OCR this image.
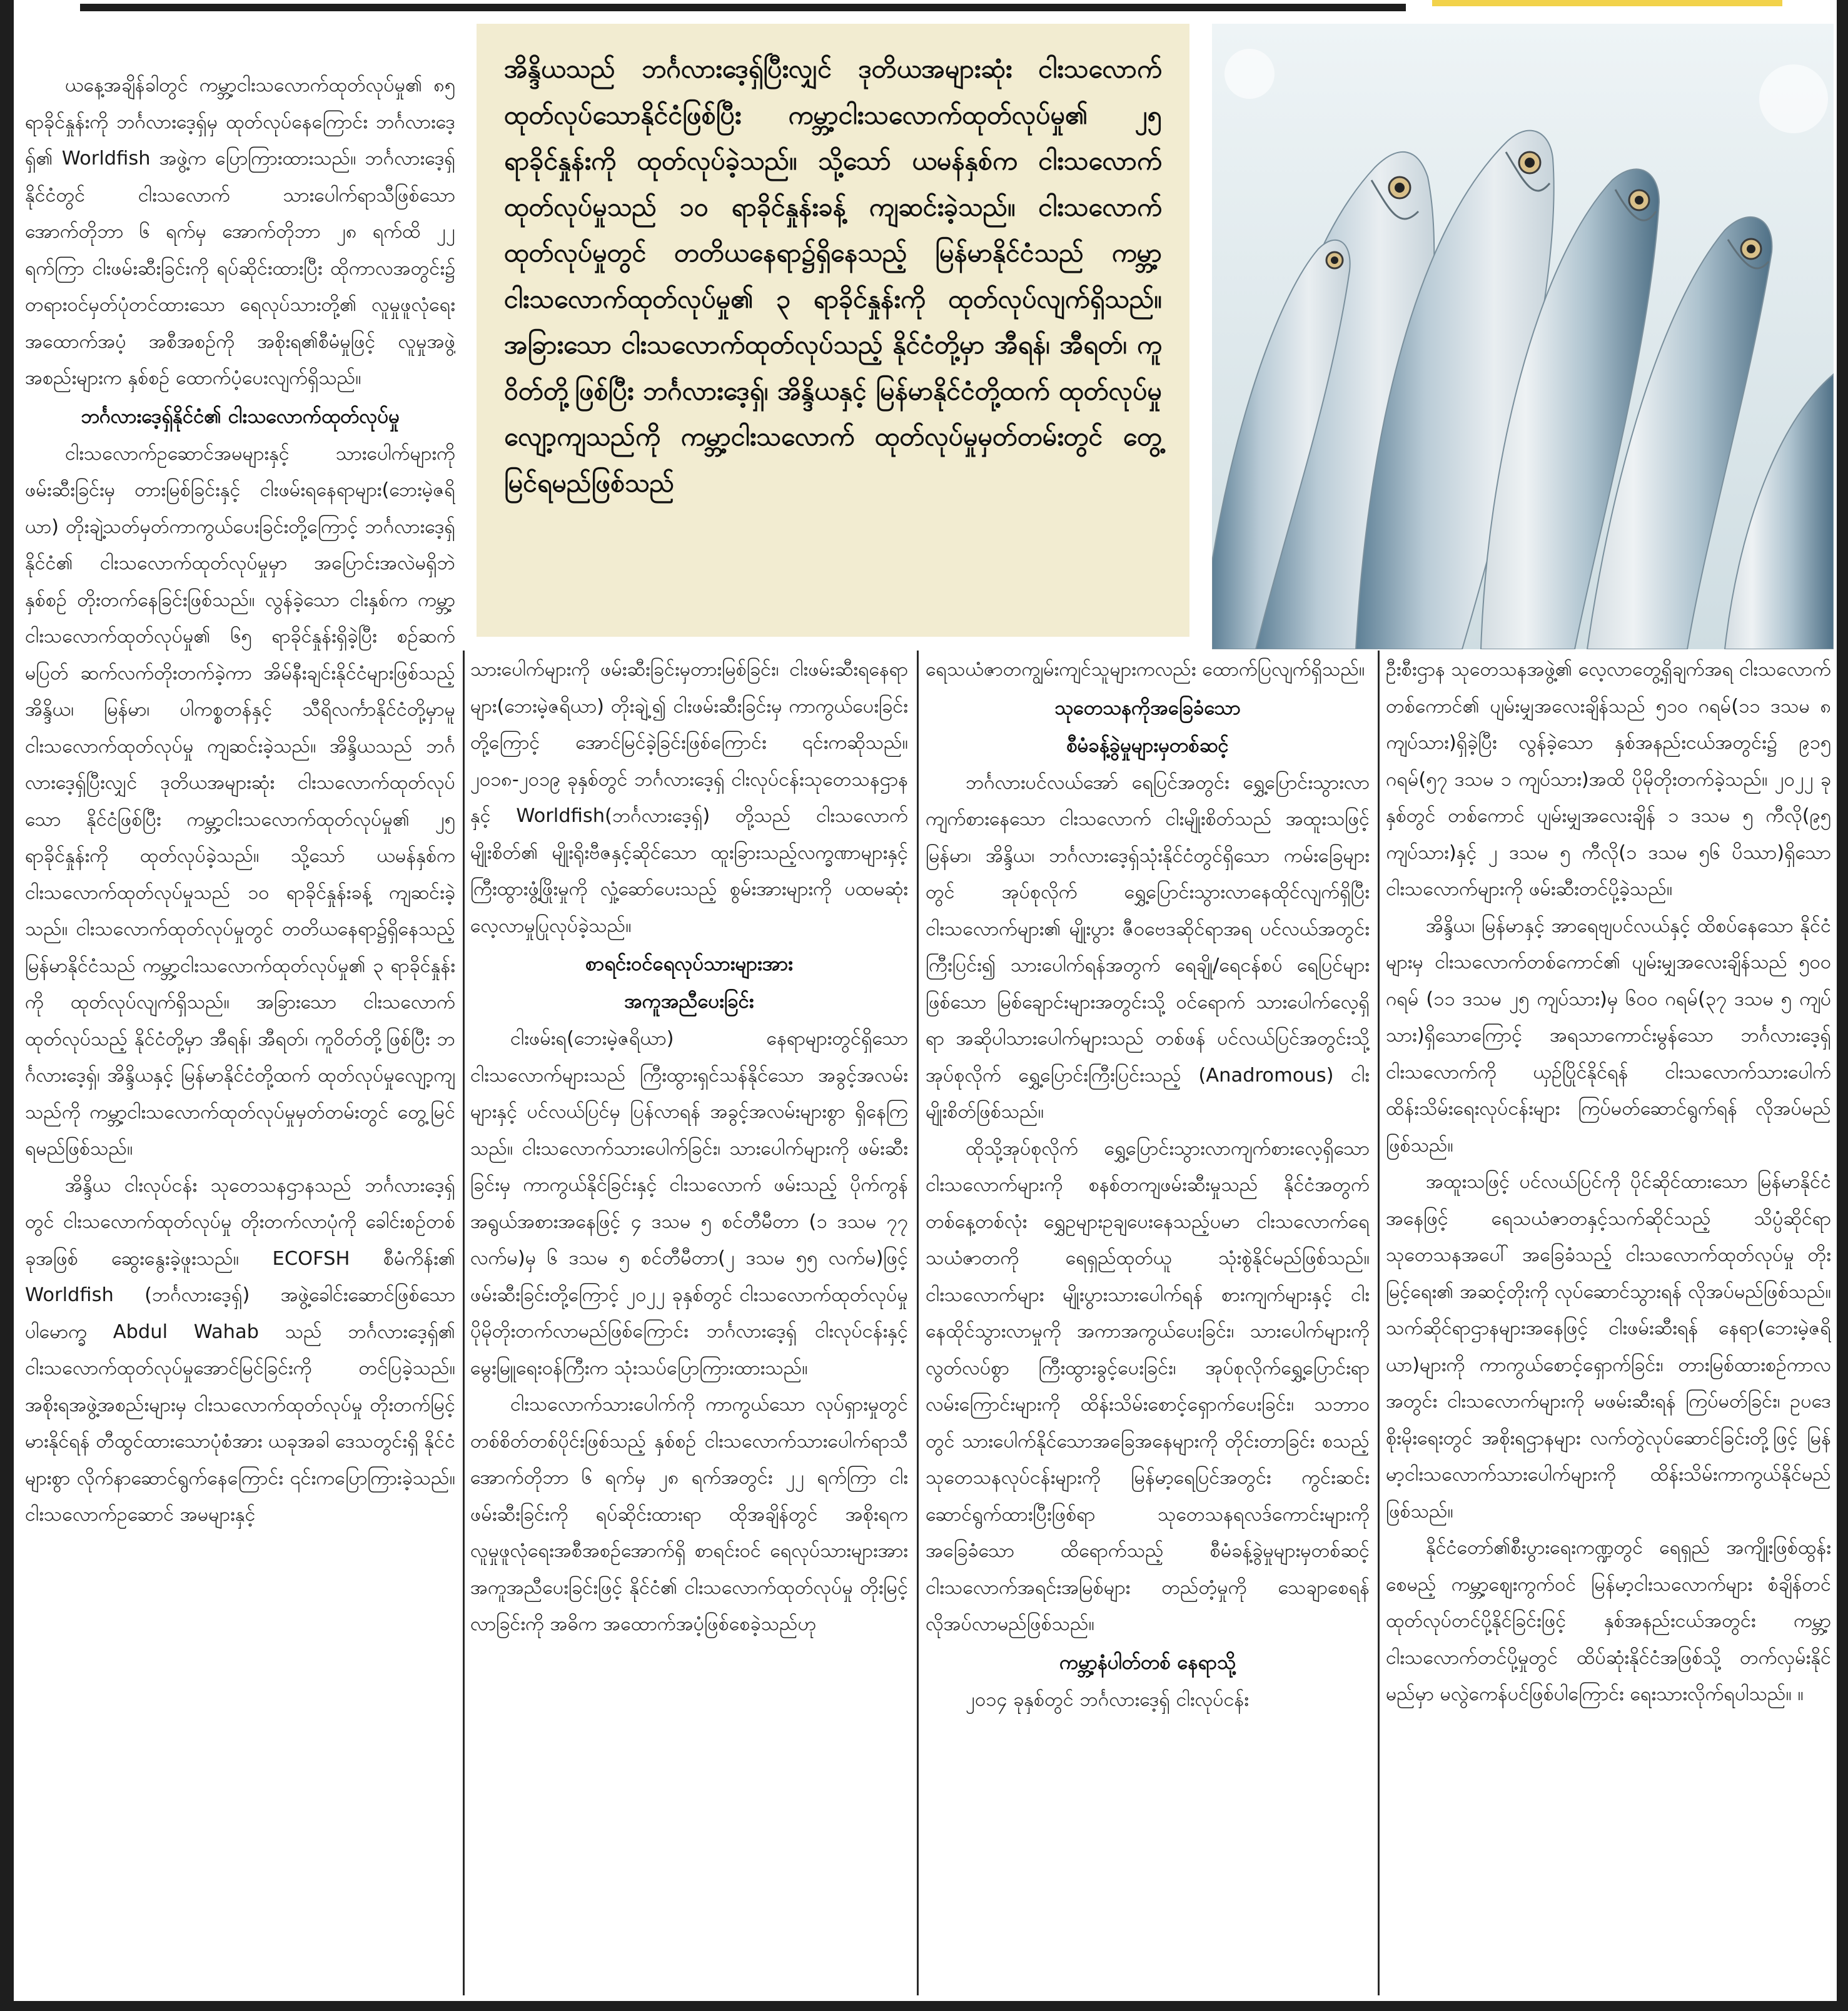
အိန္ဒိယသည် ဘင်္ဂလားဒေ့ရှ်ပြီးလျှင် ဒုတိယအများဆုံး ငါးသလောက်ထုတ်လုပ်သောနိုင်ငံဖြစ်ပြီး ကမ္ဘာ့ငါးသလောက်ထုတ်လုပ်မှု၏ ၂၅ ရာခိုင်နှုန်းကို ထုတ်လုပ်ခဲ့သည်။ သို့သော် ယမန်နှစ်က ငါးသလောက်ထုတ်လုပ်မှုသည် ၁၀ ရာခိုင်နှုန်းခန့် ကျဆင်းခဲ့သည်။ ငါးသလောက်ထုတ်လုပ်မှုတွင် တတိယနေရာ၌ရှိနေသည့် မြန်မာနိုင်ငံသည် ကမ္ဘာ့ငါးသလောက်ထုတ်လုပ်မှု၏ ၃ ရာခိုင်နှုန်းကို ထုတ်လုပ်လျက်ရှိသည်။ အခြားသော ငါးသလောက်ထုတ်လုပ်သည့် နိုင်ငံတို့မှာ အီရန်၊ အီရတ်၊ ကူဝိတ်တို့ဖြစ်ပြီး ဘင်္ဂလားဒေ့ရှ်၊ အိန္ဒိယနှင့် မြန်မာနိုင်ငံတို့ထက် ထုတ်လုပ်မှုလျော့ကျသည်ကို ကမ္ဘာ့ငါးသလောက် ထုတ်လုပ်မှုမှတ်တမ်းတွင် တွေ့မြင်ရမည်ဖြစ်သည်

ယနေ့အချိန်ခါတွင် ကမ္ဘာ့ငါးသလောက်ထုတ်လုပ်မှု၏ ၈၅ ရာခိုင်နှုန်းကို ဘင်္ဂလားဒေ့ရှ်မှ ထုတ်လုပ်နေကြောင်း ဘင်္ဂလားဒေ့ရှ်၏ Worldfish အဖွဲ့က ပြောကြားထားသည်။ ဘင်္ဂလားဒေ့ရှ်နိုင်ငံတွင် ငါးသလောက် သားပေါက်ရာသီဖြစ်သော အောက်တိုဘာ ၆ ရက်မှ အောက်တိုဘာ ၂၈ ရက်ထိ ၂၂ ရက်ကြာ ငါးဖမ်းဆီးခြင်းကို ရပ်ဆိုင်းထားပြီး ထိုကာလအတွင်း၌ တရားဝင်မှတ်ပုံတင်ထားသော ရေလုပ်သားတို့၏ လူမှုဖူလုံရေးအထောက်အပံ့ အစီအစဉ်ကို အစိုးရ၏စီမံမှုဖြင့် လူမှုအဖွဲ့အစည်းများက နှစ်စဉ် ထောက်ပံ့ပေးလျက်ရှိသည်။

ဘင်္ဂလားဒေ့ရှ်နိုင်ငံ၏ ငါးသလောက်ထုတ်လုပ်မှု

ငါးသလောက်ဥဆောင်အမများနှင့် သားပေါက်များကိုဖမ်းဆီးခြင်းမှ တားမြစ်ခြင်းနှင့် ငါးဖမ်းရနေရာများ(ဘေးမဲ့ဇရိယာ) တိုးချဲ့သတ်မှတ်ကာကွယ်ပေးခြင်းတို့ကြောင့် ဘင်္ဂလားဒေ့ရှ်နိုင်ငံ၏ ငါးသလောက်ထုတ်လုပ်မှုမှာ အပြောင်းအလဲမရှိဘဲ နှစ်စဉ် တိုးတက်နေခြင်းဖြစ်သည်။ လွန်ခဲ့သော ငါးနှစ်က ကမ္ဘာ့ငါးသလောက်ထုတ်လုပ်မှု၏ ၆၅ ရာခိုင်နှုန်းရှိခဲ့ပြီး စဉ်ဆက်မပြတ် ဆက်လက်တိုးတက်ခဲ့ကာ အိမ်နီးချင်းနိုင်ငံများဖြစ်သည့် အိန္ဒိယ၊ မြန်မာ၊ ပါကစ္စတန်နှင့် သီရိလင်္ကာနိုင်ငံတို့မှာမူ ငါးသလောက်ထုတ်လုပ်မှု ကျဆင်းခဲ့သည်။ အိန္ဒိယသည် ဘင်္ဂလားဒေ့ရှ်ပြီးလျှင် ဒုတိယအများဆုံး ငါးသလောက်ထုတ်လုပ်သော နိုင်ငံဖြစ်ပြီး ကမ္ဘာ့ငါးသလောက်ထုတ်လုပ်မှု၏ ၂၅ ရာခိုင်နှုန်းကို ထုတ်လုပ်ခဲ့သည်။ သို့သော် ယမန်နှစ်က ငါးသလောက်ထုတ်လုပ်မှုသည် ၁၀ ရာခိုင်နှုန်းခန့် ကျဆင်းခဲ့သည်။ ငါးသလောက်ထုတ်လုပ်မှုတွင် တတိယနေရာ၌ရှိနေသည့် မြန်မာနိုင်ငံသည် ကမ္ဘာ့ငါးသလောက်ထုတ်လုပ်မှု၏ ၃ ရာခိုင်နှုန်းကို ထုတ်လုပ်လျက်ရှိသည်။ အခြားသော ငါးသလောက်ထုတ်လုပ်သည့် နိုင်ငံတို့မှာ အီရန်၊ အီရတ်၊ ကူဝိတ်တို့ဖြစ်ပြီး ဘင်္ဂလားဒေ့ရှ်၊ အိန္ဒိယနှင့် မြန်မာနိုင်ငံတို့ထက် ထုတ်လုပ်မှုလျော့ကျသည်ကို ကမ္ဘာ့ငါးသလောက်ထုတ်လုပ်မှုမှတ်တမ်းတွင် တွေ့မြင်ရမည်ဖြစ်သည်။

အိန္ဒိယ ငါးလုပ်ငန်း သုတေသနဌာနသည် ဘင်္ဂလားဒေ့ရှ်တွင် ငါးသလောက်ထုတ်လုပ်မှု တိုးတက်လာပုံကို ခေါင်းစဉ်တစ်ခုအဖြစ် ဆွေးနွေးခဲ့ဖူးသည်။ ECOFSH စီမံကိန်း၏ Worldfish (ဘင်္ဂလားဒေ့ရှ်) အဖွဲ့ခေါင်းဆောင်ဖြစ်သော ပါမောက္ခ Abdul Wahab သည် ဘင်္ဂလားဒေ့ရှ်၏ ငါးသလောက်ထုတ်လုပ်မှုအောင်မြင်ခြင်းကို တင်ပြခဲ့သည်။ အစိုးရအဖွဲ့အစည်းများမှ ငါးသလောက်ထုတ်လုပ်မှု တိုးတက်မြင့်မားနိုင်ရန် တီထွင်ထားသောပုံစံအား ယခုအခါ ဒေသတွင်းရှိ နိုင်ငံများစွာ လိုက်နာဆောင်ရွက်နေကြောင်း ၎င်းကပြောကြားခဲ့သည်။ ငါးသလောက်ဥဆောင် အမများနှင့်

သားပေါက်များကို ဖမ်းဆီးခြင်းမှတားမြစ်ခြင်း၊ ငါးဖမ်းဆီးရနေရာများ(ဘေးမဲ့ဇရိယာ) တိုးချဲ့၍ ငါးဖမ်းဆီးခြင်းမှ ကာကွယ်ပေးခြင်းတို့ကြောင့် အောင်မြင်ခဲ့ခြင်းဖြစ်ကြောင်း ၎င်းကဆိုသည်။ ၂၀၁၈-၂၀၁၉ ခုနှစ်တွင် ဘင်္ဂလားဒေ့ရှ် ငါးလုပ်ငန်းသုတေသနဌာနနှင့် Worldfish(ဘင်္ဂလားဒေ့ရှ်) တို့သည် ငါးသလောက်မျိုးစိတ်၏ မျိုးရိုးဗီဇနှင့်ဆိုင်သော ထူးခြားသည့်လက္ခဏာများနှင့် ကြီးထွားဖွံ့ဖြိုးမှုကို လှုံ့ဆော်ပေးသည့် စွမ်းအားများကို ပထမဆုံး လေ့လာမှုပြုလုပ်ခဲ့သည်။

စာရင်းဝင်ရေလုပ်သားများအား
အကူအညီပေးခြင်း

ငါးဖမ်းရ(ဘေးမဲ့ဇရိယာ) နေရာများတွင်ရှိသော ငါးသလောက်များသည် ကြီးထွားရှင်သန်နိုင်သော အခွင့်အလမ်းများနှင့် ပင်လယ်ပြင်မှ ပြန်လာရန် အခွင့်အလမ်းများစွာ ရှိနေကြသည်။ ငါးသလောက်သားပေါက်ခြင်း၊ သားပေါက်များကို ဖမ်းဆီးခြင်းမှ ကာကွယ်နိုင်ခြင်းနှင့် ငါးသလောက် ဖမ်းသည့် ပိုက်ကွန်အရွယ်အစားအနေဖြင့် ၄ ဒသမ ၅ စင်တီမီတာ (၁ ဒသမ ၇၇ လက်မ)မှ ၆ ဒသမ ၅ စင်တီမီတာ(၂ ဒသမ ၅၅ လက်မ)ဖြင့် ဖမ်းဆီးခြင်းတို့ကြောင့် ၂၀၂၂ ခုနှစ်တွင် ငါးသလောက်ထုတ်လုပ်မှု ပိုမိုတိုးတက်လာမည်ဖြစ်ကြောင်း ဘင်္ဂလားဒေ့ရှ် ငါးလုပ်ငန်းနှင့် မွေးမြူရေးဝန်ကြီးက သုံးသပ်ပြောကြားထားသည်။

ငါးသလောက်သားပေါက်ကို ကာကွယ်သော လုပ်ရှားမှုတွင် တစ်စိတ်တစ်ပိုင်းဖြစ်သည့် နှစ်စဉ် ငါးသလောက်သားပေါက်ရာသီ အောက်တိုဘာ ၆ ရက်မှ ၂၈ ရက်အတွင်း ၂၂ ရက်ကြာ ငါးဖမ်းဆီးခြင်းကို ရပ်ဆိုင်းထားရာ ထိုအချိန်တွင် အစိုးရက လူမှုဖူလုံရေးအစီအစဉ်အောက်ရှိ စာရင်းဝင် ရေလုပ်သားများအား အကူအညီပေးခြင်းဖြင့် နိုင်ငံ၏ ငါးသလောက်ထုတ်လုပ်မှု တိုးမြင့်လာခြင်းကို အဓိက အထောက်အပံ့ဖြစ်စေခဲ့သည်ဟု

ရေသယံဇာတကျွမ်းကျင်သူများကလည်း ထောက်ပြလျက်ရှိသည်။

သုတေသနကိုအခြေခံသော
စီမံခန့်ခွဲမှုများမှတစ်ဆင့်

ဘင်္ဂလားပင်လယ်အော် ရေပြင်အတွင်း ရွှေ့ပြောင်းသွားလာ ကျက်စားနေသော ငါးသလောက် ငါးမျိုးစိတ်သည် အထူးသဖြင့် မြန်မာ၊ အိန္ဒိယ၊ ဘင်္ဂလားဒေ့ရှ်သုံးနိုင်ငံတွင်ရှိသော ကမ်းခြေများတွင် အုပ်စုလိုက် ရွှေ့ပြောင်းသွားလာနေထိုင်လျက်ရှိပြီး ငါးသလောက်များ၏ မျိုးပွား ဇီဝဗေဒဆိုင်ရာအရ ပင်လယ်အတွင်း ကြီးပြင်း၍ သားပေါက်ရန်အတွက် ရေချို/ရေငန်စပ် ရေပြင်များ ဖြစ်သော မြစ်ချောင်းများအတွင်းသို့ ဝင်ရောက် သားပေါက်လေ့ရှိရာ အဆိုပါသားပေါက်များသည် တစ်ဖန် ပင်လယ်ပြင်အတွင်းသို့ အုပ်စုလိုက် ရွှေ့ပြောင်းကြီးပြင်းသည့် (Anadromous) ငါးမျိုးစိတ်ဖြစ်သည်။

ထိုသို့အုပ်စုလိုက် ရွှေ့ပြောင်းသွားလာကျက်စားလေ့ရှိသော ငါးသလောက်များကို စနစ်တကျဖမ်းဆီးမှုသည် နိုင်ငံအတွက် တစ်နေ့တစ်လုံး ရွှေဥများဥချပေးနေသည့်ပမာ ငါးသလောက်ရေသယံဇာတကို ရေရှည်ထုတ်ယူ သုံးစွဲနိုင်မည်ဖြစ်သည်။ ငါးသလောက်များ မျိုးပွားသားပေါက်ရန် စားကျက်များနှင့် ငါးနေထိုင်သွားလာမှုကို အကာအကွယ်ပေးခြင်း၊ သားပေါက်များကိုလွတ်လပ်စွာ ကြီးထွားခွင့်ပေးခြင်း၊ အုပ်စုလိုက်ရွှေ့ပြောင်းရာလမ်းကြောင်းများကို ထိန်းသိမ်းစောင့်ရှောက်ပေးခြင်း၊ သဘာဝတွင် သားပေါက်နိုင်သောအခြေအနေများကို တိုင်းတာခြင်း စသည့် သုတေသနလုပ်ငန်းများကို မြန်မာ့ရေပြင်အတွင်း ကွင်းဆင်းဆောင်ရွက်ထားပြီးဖြစ်ရာ သုတေသနရလဒ်ကောင်းများကို အခြေခံသော ထိရောက်သည့် စီမံခန့်ခွဲမှုများမှတစ်ဆင့် ငါးသလောက်အရင်းအမြစ်များ တည်တံ့မှုကို သေချာစေရန် လိုအပ်လာမည်ဖြစ်သည်။

ကမ္ဘာ့နံပါတ်တစ် နေရာသို့

၂၀၁၄ ခုနှစ်တွင် ဘင်္ဂလားဒေ့ရှ် ငါးလုပ်ငန်း

ဦးစီးဌာန သုတေသနအဖွဲ့၏ လေ့လာတွေ့ရှိချက်အရ ငါးသလောက်တစ်ကောင်၏ ပျမ်းမျှအလေးချိန်သည် ၅၁၀ ဂရမ်(၁၁ ဒသမ ၈ ကျပ်သား)ရှိခဲ့ပြီး လွန်ခဲ့သော နှစ်အနည်းငယ်အတွင်း၌ ၉၁၅ ဂရမ်(၅၇ ဒသမ ၁ ကျပ်သား)အထိ ပိုမိုတိုးတက်ခဲ့သည်။ ၂၀၂၂ ခုနှစ်တွင် တစ်ကောင် ပျမ်းမျှအလေးချိန် ၁ ဒသမ ၅ ကီလို(၉၅ ကျပ်သား)နှင့် ၂ ဒသမ ၅ ကီလို(၁ ဒသမ ၅၆ ပိဿာ)ရှိသော ငါးသလောက်များကို ဖမ်းဆီးတင်ပို့ခဲ့သည်။

အိန္ဒိယ၊ မြန်မာနှင့် အာရေဗျပင်လယ်နှင့် ထိစပ်နေသော နိုင်ငံများမှ ငါးသလောက်တစ်ကောင်၏ ပျမ်းမျှအလေးချိန်သည် ၅၀၀ ဂရမ် (၁၁ ဒသမ ၂၅ ကျပ်သား)မှ ၆၀၀ ဂရမ်(၃၇ ဒသမ ၅ ကျပ်သား)ရှိသောကြောင့် အရသာကောင်းမွန်သော ဘင်္ဂလားဒေ့ရှ် ငါးသလောက်ကို ယှဉ်ပြိုင်နိုင်ရန် ငါးသလောက်သားပေါက် ထိန်းသိမ်းရေးလုပ်ငန်းများ ကြပ်မတ်ဆောင်ရွက်ရန် လိုအပ်မည်ဖြစ်သည်။

အထူးသဖြင့် ပင်လယ်ပြင်ကို ပိုင်ဆိုင်ထားသော မြန်မာနိုင်ငံအနေဖြင့် ရေသယံဇာတနှင့်သက်ဆိုင်သည့် သိပ္ပံဆိုင်ရာ သုတေသနအပေါ် အခြေခံသည့် ငါးသလောက်ထုတ်လုပ်မှု တိုးမြင့်ရေး၏ အဆင့်တိုးကို လုပ်ဆောင်သွားရန် လိုအပ်မည်ဖြစ်သည်။ သက်ဆိုင်ရာဌာနများအနေဖြင့် ငါးဖမ်းဆီးရန် နေရာ(ဘေးမဲ့ဇရိယာ)များကို ကာကွယ်စောင့်ရှောက်ခြင်း၊ တားမြစ်ထားစဉ်ကာလအတွင်း ငါးသလောက်များကို မဖမ်းဆီးရန် ကြပ်မတ်ခြင်း၊ ဥပဒေစိုးမိုးရေးတွင် အစိုးရဌာနများ လက်တွဲလုပ်ဆောင်ခြင်းတို့ဖြင့် မြန်မာ့ငါးသလောက်သားပေါက်များကို ထိန်းသိမ်းကာကွယ်နိုင်မည်ဖြစ်သည်။

နိုင်ငံတော်၏စီးပွားရေးကဏ္ဍတွင် ရေရှည် အကျိုးဖြစ်ထွန်းစေမည့် ကမ္ဘာ့ဈေးကွက်ဝင် မြန်မာ့ငါးသလောက်များ စံချိန်တင် ထုတ်လုပ်တင်ပို့နိုင်ခြင်းဖြင့် နှစ်အနည်းငယ်အတွင်း ကမ္ဘာ့ငါးသလောက်တင်ပို့မှုတွင် ထိပ်ဆုံးနိုင်ငံအဖြစ်သို့ တက်လှမ်းနိုင်မည်မှာ မလွဲကေန်ပင်ဖြစ်ပါကြောင်း ရေးသားလိုက်ရပါသည်။ ။
